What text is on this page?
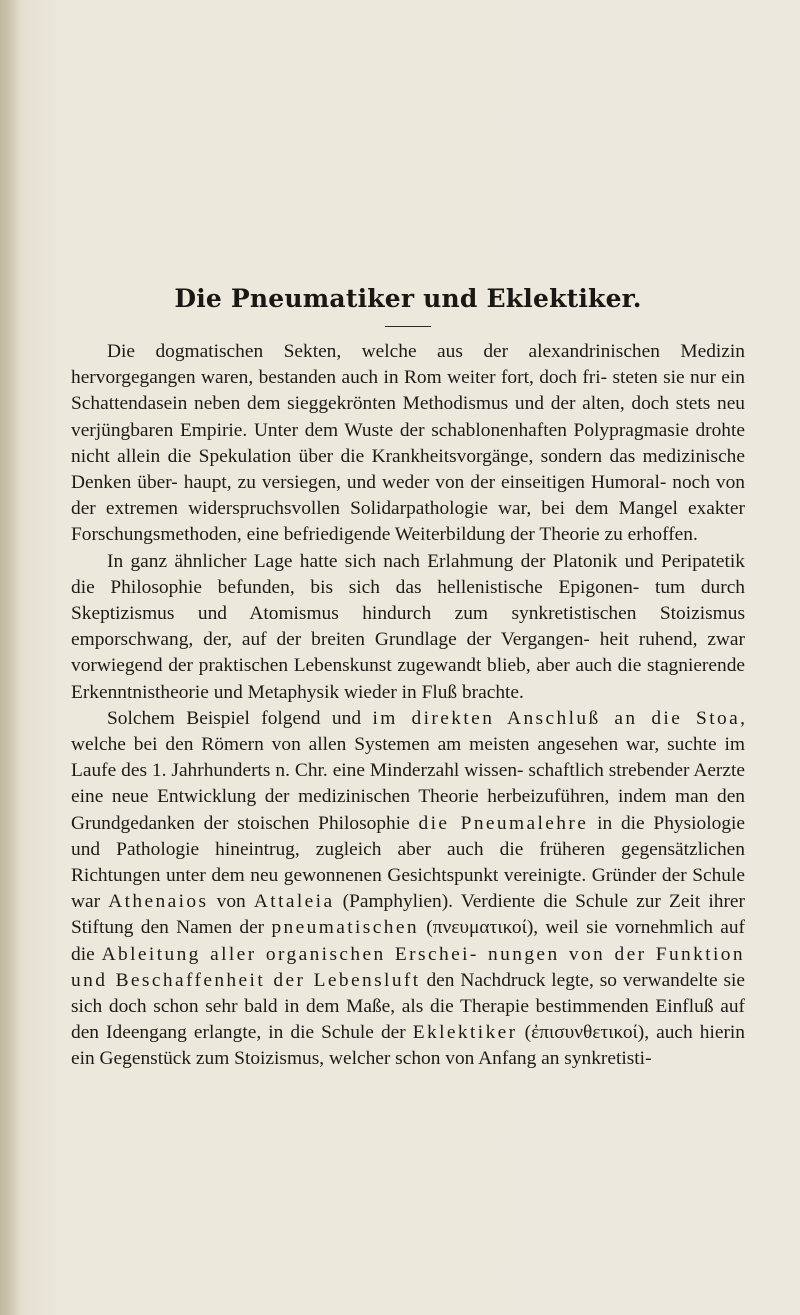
Die Pneumatiker und Eklektiker.

Die dogmatischen Sekten, welche aus der alexandrinischen Medizin hervorgegangen waren, bestanden auch in Rom weiter fort, doch fri- steten sie nur ein Schattendasein neben dem sieggekrönten Methodismus und der alten, doch stets neu verjüngbaren Empirie. Unter dem Wuste der schablonenhaften Polypragmasie drohte nicht allein die Spekulation über die Krankheitsvorgänge, sondern das medizinische Denken über- haupt, zu versiegen, und weder von der einseitigen Humoral- noch von der extremen widerspruchsvollen Solidarpathologie war, bei dem Mangel exakter Forschungsmethoden, eine befriedigende Weiterbildung der Theorie zu erhoffen.

In ganz ähnlicher Lage hatte sich nach Erlahmung der Platonik und Peripatetik die Philosophie befunden, bis sich das hellenistische Epigonen- tum durch Skeptizismus und Atomismus hindurch zum synkretistischen Stoizismus emporschwang, der, auf der breiten Grundlage der Vergangen- heit ruhend, zwar vorwiegend der praktischen Lebenskunst zugewandt blieb, aber auch die stagnierende Erkenntnistheorie und Metaphysik wieder in Fluß brachte.

Solchem Beispiel folgend und im direkten Anschluß an die Stoa, welche bei den Römern von allen Systemen am meisten angesehen war, suchte im Laufe des 1. Jahrhunderts n. Chr. eine Minderzahl wissen- schaftlich strebender Aerzte eine neue Entwicklung der medizinischen Theorie herbeizuführen, indem man den Grundgedanken der stoischen Philosophie die Pneumalehre in die Physiologie und Pathologie hineintrug, zugleich aber auch die früheren gegensätzlichen Richtungen unter dem neu gewonnenen Gesichtspunkt vereinigte. Gründer der Schule war Athenaios von Attaleia (Pamphylien). Verdiente die Schule zur Zeit ihrer Stiftung den Namen der pneumatischen (πνευματικοί), weil sie vornehmlich auf die Ableitung aller organischen Erschei- nungen von der Funktion und Beschaffenheit der Lebensluft den Nachdruck legte, so verwandelte sie sich doch schon sehr bald in dem Maße, als die Therapie bestimmenden Einfluß auf den Ideengang erlangte, in die Schule der Eklektiker (ἐπισυνθετικοί), auch hierin ein Gegenstück zum Stoizismus, welcher schon von Anfang an synkretisti-
